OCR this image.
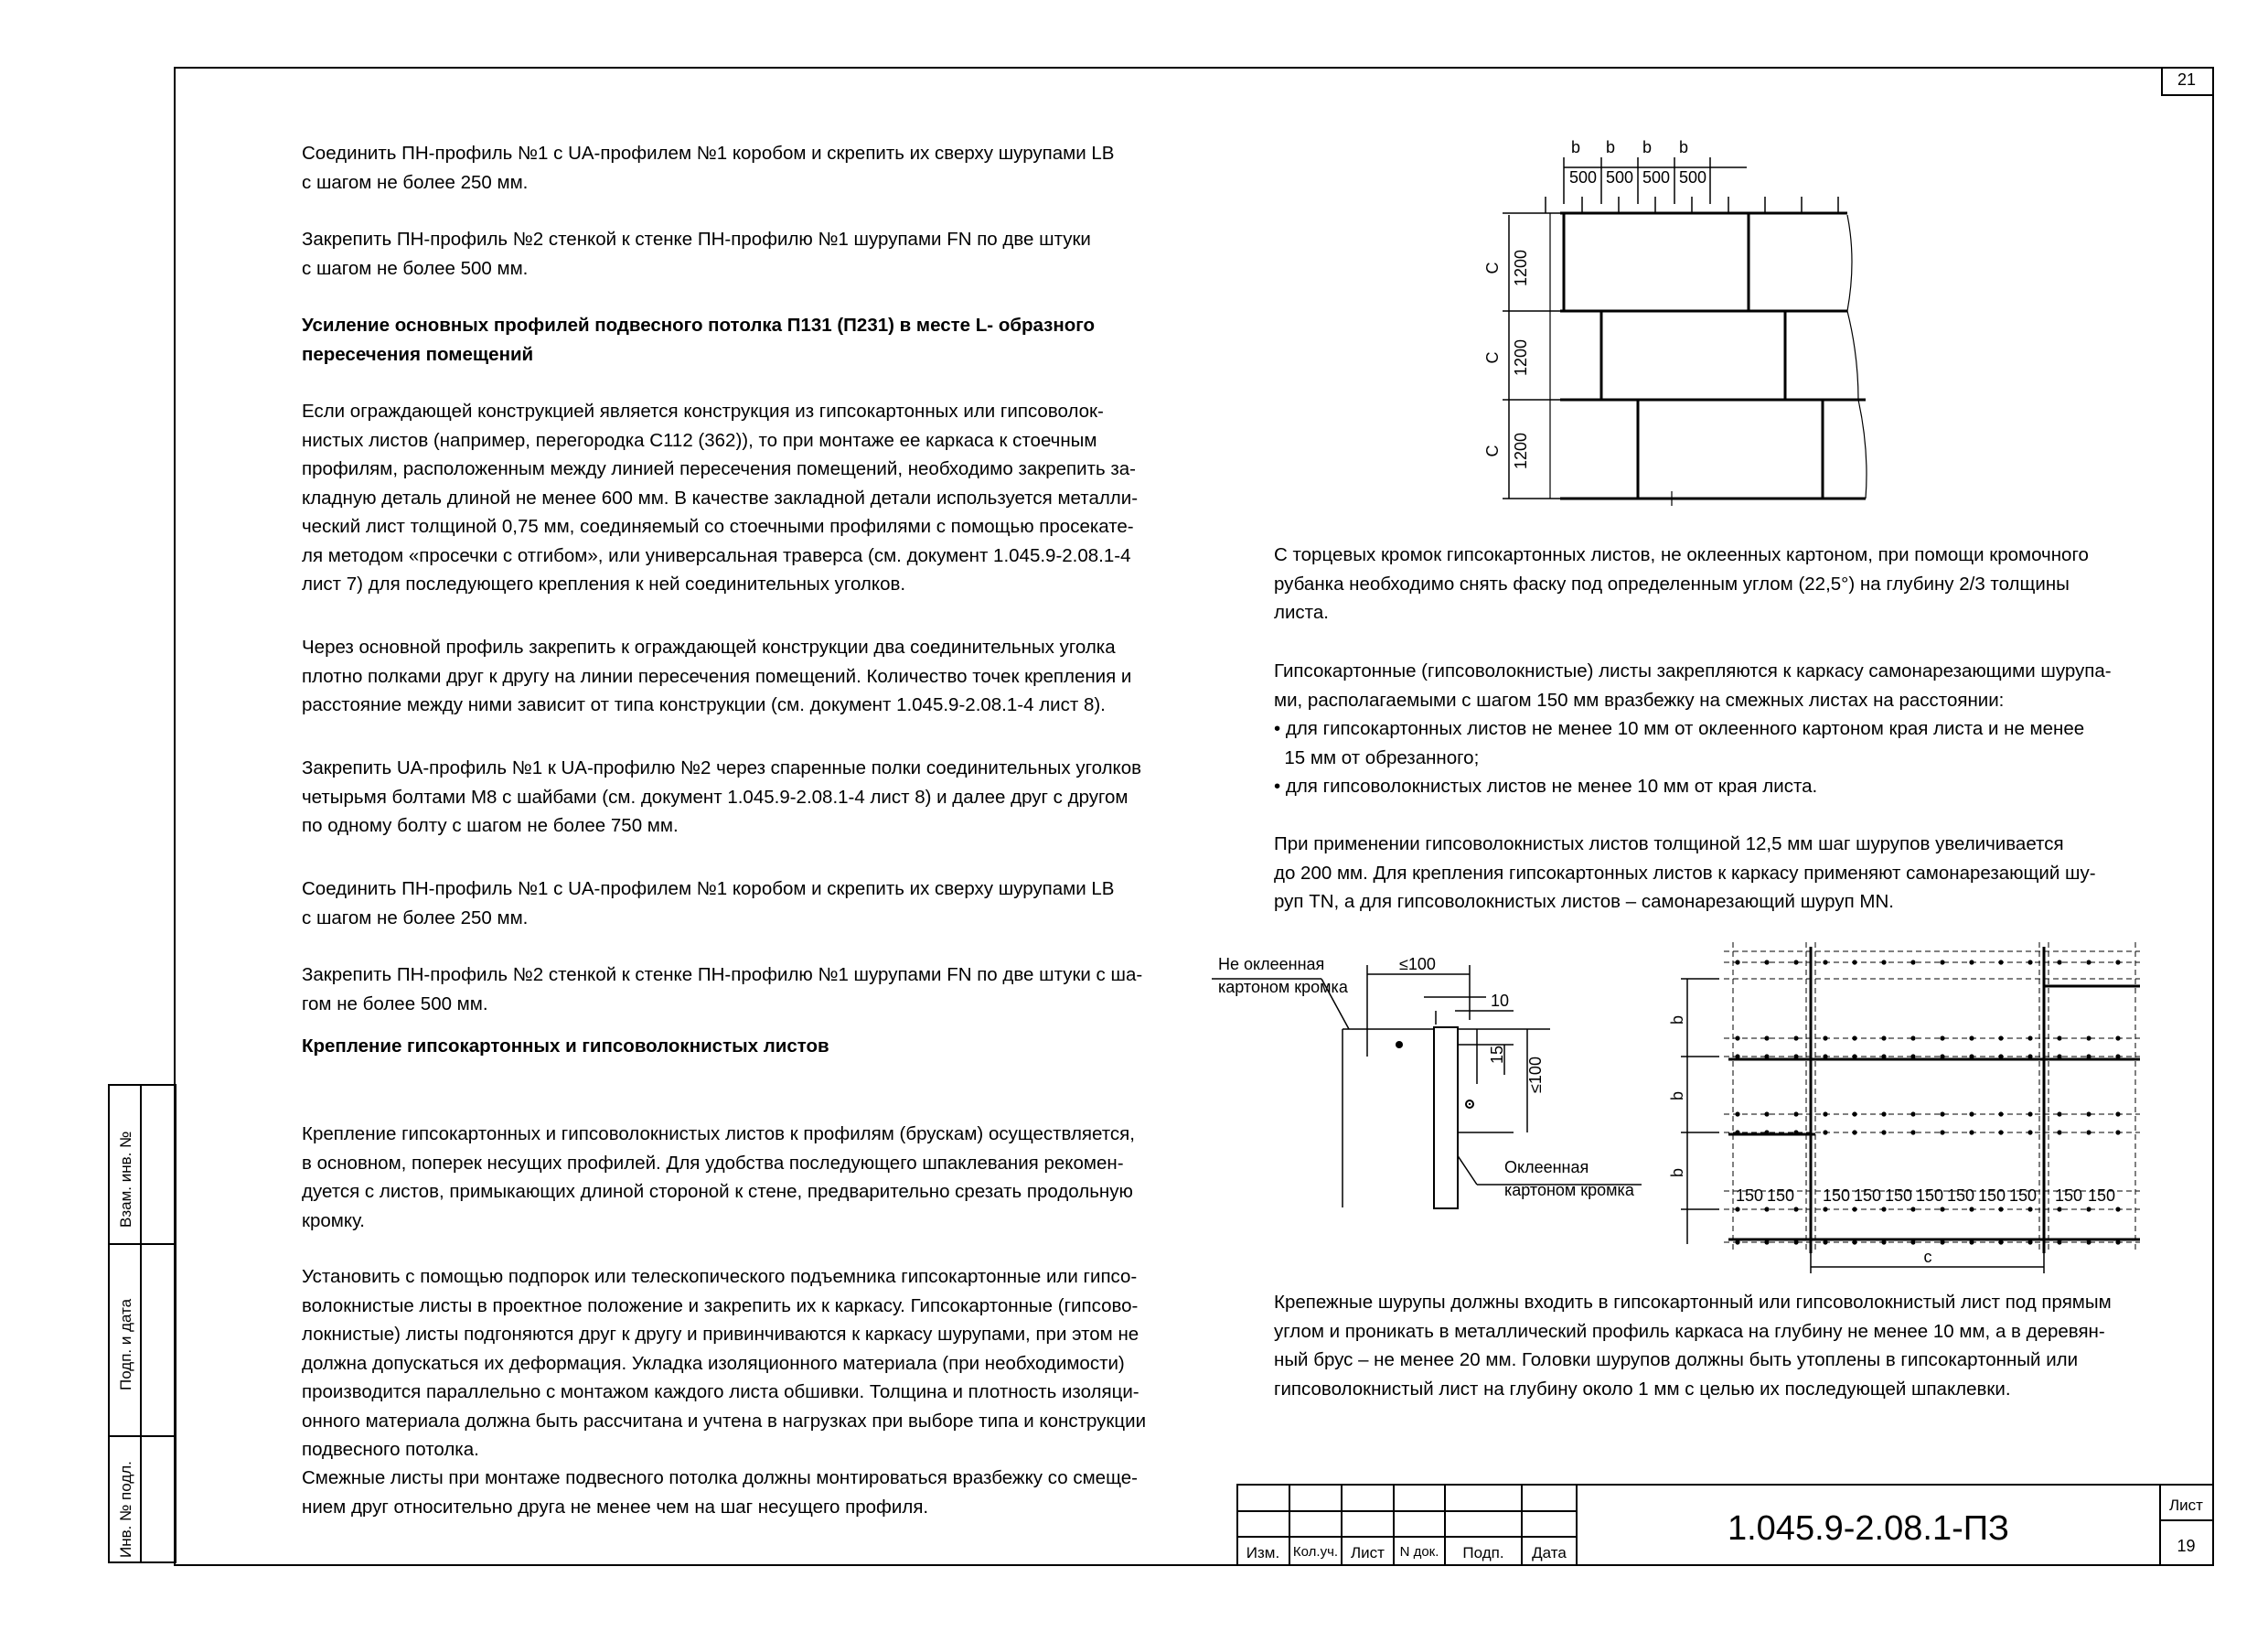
21
Взам. инв. №
Подп. и дата
Инв. № подл.
Соединить ПН-профиль №1 с UA-профилем №1 коробом и скрепить их сверху шурупами LB
с шагом не более 250 мм.
Закрепить ПН-профиль №2 стенкой к стенке ПН-профилю №1 шурупами FN по две штуки
с шагом не более 500 мм.
Усиление основных профилей подвесного потолка П131 (П231) в месте L- образного
пересечения помещений
Если ограждающей конструкцией является конструкция из гипсокартонных или гипсоволок-
нистых листов (например, перегородка С112 (362)), то при монтаже ее каркаса к стоечным
профилям, расположенным между линией пересечения помещений, необходимо закрепить за-
кладную деталь длиной не менее 600 мм. В качестве закладной детали используется металли-
ческий лист толщиной 0,75 мм, соединяемый со стоечными профилями с помощью просекате-
ля методом «просечки с отгибом», или универсальная траверса (см. документ 1.045.9-2.08.1-4
лист 7) для последующего крепления к ней соединительных уголков.
Через основной профиль закрепить к ограждающей конструкции два соединительных уголка
плотно полками друг к другу на линии пересечения помещений. Количество точек крепления и
расстояние между ними зависит от типа конструкции (см. документ 1.045.9-2.08.1-4 лист 8).
Закрепить UA-профиль №1 к UA-профилю №2 через спаренные полки соединительных уголков
четырьмя болтами М8 с шайбами (см. документ 1.045.9-2.08.1-4 лист 8) и далее друг с другом
по одному болту с шагом не более 750 мм.
Соединить ПН-профиль №1 с UA-профилем №1 коробом и скрепить их сверху шурупами LB
с шагом не более 250 мм.
Закрепить ПН-профиль №2 стенкой к стенке ПН-профилю №1 шурупами FN по две штуки с ша-
гом не более 500 мм.
Крепление гипсокартонных и гипсоволокнистых листов
Крепление гипсокартонных и гипсоволокнистых листов к профилям (брускам) осуществляется,
в основном, поперек несущих профилей. Для удобства последующего шпаклевания рекомен-
дуется с листов, примыкающих длиной стороной к стене, предварительно срезать продольную
кромку.
Установить с помощью подпорок или телескопического подъемника гипсокартонные или гипсо-
волокнистые листы в проектное положение и закрепить их к каркасу. Гипсокартонные (гипсово-
локнистые) листы подгоняются друг к другу и привинчиваются к каркасу шурупами, при этом не
должна допускаться их деформация. Укладка изоляционного материала (при необходимости)
производится параллельно с монтажом каждого листа обшивки. Толщина и плотность изоляци-
онного материала должна быть рассчитана и учтена в нагрузках при выборе типа и конструкции
подвесного потолка.
Смежные листы при монтаже подвесного потолка должны монтироваться вразбежку со смеще-
нием друг относительно друга не менее чем на шаг несущего профиля.
С торцевых кромок гипсокартонных листов, не оклеенных картоном, при помощи кромочного
рубанка необходимо снять фаску под определенным углом (22,5°) на глубину 2/3 толщины
листа.
Гипсокартонные (гипсоволокнистые) листы закрепляются к каркасу самонарезающими шурупа-
ми, располагаемыми с шагом 150 мм вразбежку на смежных листах на расстоянии:
• для гипсокартонных листов не менее 10 мм от оклеенного картоном края листа и не менее
15 мм от обрезанного;
• для гипсоволокнистых листов не менее 10 мм от края листа.
При применении гипсоволокнистых листов толщиной 12,5 мм шаг шурупов увеличивается
до 200 мм. Для крепления гипсокартонных листов к каркасу применяют самонарезающий шу-
руп TN, а для гипсоволокнистых листов – самонарезающий шуруп MN.
Крепежные шурупы должны входить в гипсокартонный или гипсоволокнистый лист под прямым
углом и проникать в металлический профиль каркаса на глубину не менее 10 мм, а в деревян-
ный брус – не менее 20 мм. Головки шурупов должны быть утоплены в гипсокартонный или
гипсоволокнистый лист на глубину около 1 мм с целью их последующей шпаклевки.
b b b b
500 500 500 500
C 1200
C 1200
C 1200
Не оклеенная
картоном кромка
≤100
10
15
≤100
Оклеенная
картоном кромка
b
b
b
c
150 150 150 150 150 150 150 150 150 150 150
Изм. Кол.уч. Лист	N док.	Подп.	Дата
1.045.9-2.08.1-ПЗ
Лист
19
